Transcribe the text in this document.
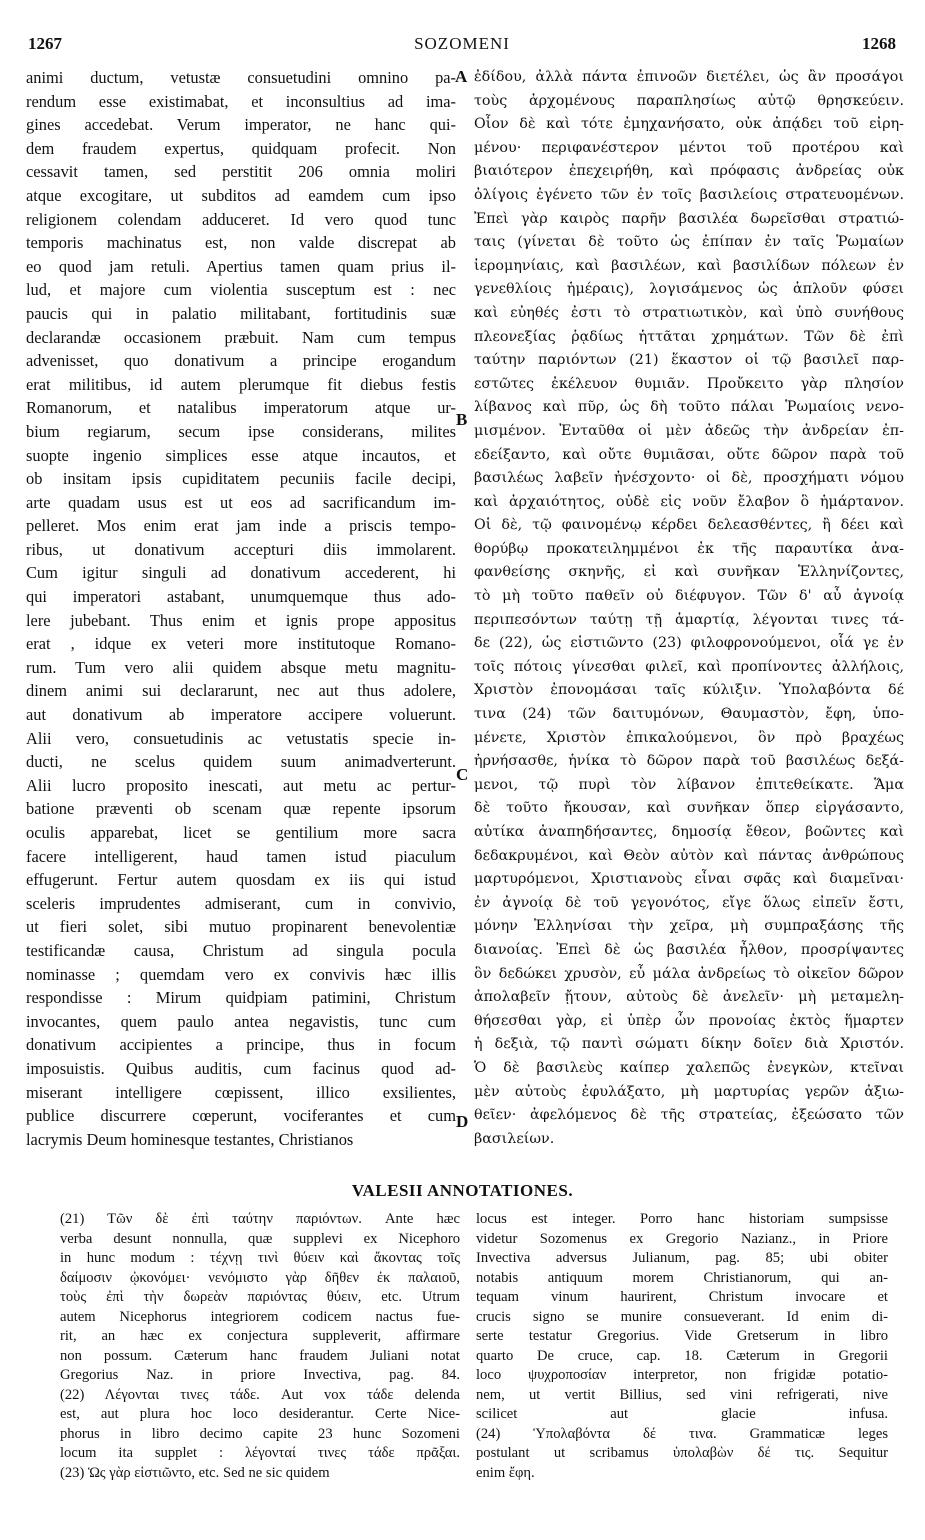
1267	SOZOMENI	1268
animi ductum, vetustæ consuetudini omnino pa-
rendum esse existimabat, et inconsultius ad ima-
gines accedebat. Verum imperator, ne hanc qui-
dem fraudem expertus, quidquam profecit. Non
cessavit tamen, sed perstitit 206 omnia moliri
atque excogitare, ut subditos ad eamdem cum ipso
religionem colendam adduceret. Id vero quod tunc
temporis machinatus est, non valde discrepat ab
eo quod jam retuli. Apertius tamen quam prius il-
lud, et majore cum violentia susceptum est : nec
paucis qui in palatio militabant, fortitudinis suæ
declarandæ occasionem præbuit. Nam cum tempus
advenisset, quo donativum a principe erogandum
erat militibus, id autem plerumque fit diebus festis
Romanorum, et natalibus imperatorum atque ur-
bium regiarum, secum ipse considerans, milites
suopte ingenio simplices esse atque incautos, et
ob insitam ipsis cupiditatem pecuniis facile decipi,
arte quadam usus est ut eos ad sacrificandum im-
pelleret. Mos enim erat jam inde a priscis tempo-
ribus, ut donativum accepturi diis immolarent.
Cum igitur singuli ad donativum accederent, hi
qui imperatori astabant, unumquemque thus ado-
lere jubebant. Thus enim et ignis prope appositus
erat , idque ex veteri more institutoque Romano-
rum. Tum vero alii quidem absque metu magnitu-
dinem animi sui declararunt, nec aut thus adolere,
aut donativum ab imperatore accipere voluerunt.
Alii vero, consuetudinis ac vetustatis specie in-
ducti, ne scelus quidem suum animadverterunt.
Alii lucro proposito inescati, aut metu ac pertur-
batione præventi ob scenam quæ repente ipsorum
oculis apparebat, licet se gentilium more sacra
facere intelligerent, haud tamen istud piaculum
effugerunt. Fertur autem quosdam ex iis qui istud
sceleris imprudentes admiserant, cum in convivio,
ut fieri solet, sibi mutuo propinarent benevolentiæ
testificandæ causa, Christum ad singula pocula
nominasse ; quemdam vero ex convivis hæc illis
respondisse : Mirum quidpiam patimini, Christum
invocantes, quem paulo antea negavistis, tunc cum
donativum accipientes a principe, thus in focum
imposuistis. Quibus auditis, cum facinus quod ad-
miserant intelligere cœpissent, illico exsilientes,
publice discurrere cœperunt, vociferantes et cum
lacrymis Deum hominesque testantes, Christianos
A
B
C
D
ἐδίδου, ἀλλὰ πάντα ἐπινοῶν διετέλει, ὡς ἂν προσάγοι
τοὺς ἀρχομένους παραπλησίως αὐτῷ θρησκεύειν.
Οἷον δὲ καὶ τότε ἐμηχανήσατο, οὐκ ἀπᾴδει τοῦ εἰρη-
μένου· περιφανέστερον μέντοι τοῦ προτέρου καὶ
βιαιότερον ἐπεχειρήθη, καὶ πρόφασις ἀνδρείας οὐκ
ὀλίγοις ἐγένετο τῶν ἐν τοῖς βασιλείοις στρατευομένων.
Ἐπεὶ γὰρ καιρὸς παρῆν βασιλέα δωρεῖσθαι στρατιώ-
ταις (γίνεται δὲ τοῦτο ὡς ἐπίπαν ἐν ταῖς Ῥωμαίων
ἱερομηνίαις, καὶ βασιλέων, καὶ βασιλίδων πόλεων ἐν
γενεθλίοις ἡμέραις), λογισάμενος ὡς ἁπλοῦν φύσει
καὶ εὐηθές ἐστι τὸ στρατιωτικὸν, καὶ ὑπὸ συνήθους
πλεονεξίας ῥᾳδίως ἡττᾶται χρημάτων. Τῶν δὲ ἐπὶ
ταύτην παριόντων (21) ἕκαστον οἱ τῷ βασιλεῖ παρ-
εστῶτες ἐκέλευον θυμιᾶν. Προὔκειτο γὰρ πλησίον
λίβανος καὶ πῦρ, ὡς δὴ τοῦτο πάλαι Ῥωμαίοις νενο-
μισμένον. Ἐνταῦθα οἱ μὲν ἀδεῶς τὴν ἀνδρείαν ἐπ-
εδείξαντο, καὶ οὔτε θυμιᾶσαι, οὔτε δῶρον παρὰ τοῦ
βασιλέως λαβεῖν ἠνέσχοντο· οἱ δὲ, προσχήματι νόμου
καὶ ἀρχαιότητος, οὐδὲ εἰς νοῦν ἔλαβον ὃ ἡμάρτανον.
Οἱ δὲ, τῷ φαινομένῳ κέρδει δελεασθέντες, ἢ δέει καὶ
θορύβῳ προκατειλημμένοι ἐκ τῆς παραυτίκα ἀνα-
φανθείσης σκηνῆς, εἰ καὶ συνῆκαν Ἑλληνίζοντες,
τὸ μὴ τοῦτο παθεῖν οὐ διέφυγον. Τῶν δ' αὖ ἀγνοίᾳ
περιπεσόντων ταύτῃ τῇ ἁμαρτίᾳ, λέγονται τινες τά-
δε (22), ὡς εἱστιῶντο (23) φιλοφρονούμενοι, οἷά γε ἐν
τοῖς πότοις γίνεσθαι φιλεῖ, καὶ προπίνοντες ἀλλήλοις,
Χριστὸν ἐπονομάσαι ταῖς κύλιξιν. Ὑπολαβόντα δέ
τινα (24) τῶν δαιτυμόνων, Θαυμαστὸν, ἔφη, ὑπο-
μένετε, Χριστὸν ἐπικαλούμενοι, ὃν πρὸ βραχέως
ἠρνήσασθε, ἡνίκα τὸ δῶρον παρὰ τοῦ βασιλέως δεξά-
μενοι, τῷ πυρὶ τὸν λίβανον ἐπιτεθείκατε. Ἅμα
δὲ τοῦτο ἤκουσαν, καὶ συνῆκαν ὅπερ εἰργάσαντο,
αὐτίκα ἀναπηδήσαντες, δημοσίᾳ ἔθεον, βοῶντες καὶ
δεδακρυμένοι, καὶ Θεὸν αὐτὸν καὶ πάντας ἀνθρώπους
μαρτυρόμενοι, Χριστιανοὺς εἶναι σφᾶς καὶ διαμεῖναι·
ἐν ἀγνοίᾳ δὲ τοῦ γεγονότος, εἴγε ὅλως εἰπεῖν ἔστι,
μόνην Ἑλληνίσαι τὴν χεῖρα, μὴ συμπραξάσης τῆς
διανοίας. Ἐπεὶ δὲ ὡς βασιλέα ἦλθον, προσρίψαντες
ὃν δεδώκει χρυσὸν, εὖ μάλα ἀνδρείως τὸ οἰκεῖον δῶρον
ἀπολαβεῖν ᾔτουν, αὐτοὺς δὲ ἀνελεῖν· μὴ μεταμελη-
θήσεσθαι γὰρ, εἰ ὑπὲρ ὧν προνοίας ἐκτὸς ἥμαρτεν
ἡ δεξιὰ, τῷ παντὶ σώματι δίκην δοῖεν διὰ Χριστόν.
Ὁ δὲ βασιλεὺς καίπερ χαλεπῶς ἐνεγκὼν, κτεῖναι
μὲν αὐτοὺς ἐφυλάξατο, μὴ μαρτυρίας γερῶν ἀξιω-
θεῖεν· ἀφελόμενος δὲ τῆς στρατείας, ἐξεώσατο τῶν
βασιλείων.
VALESII ANNOTATIONES.
(21) Τῶν δὲ ἐπὶ ταύτην παριόντων. Ante hæc
verba desunt nonnulla, quæ supplevi ex Nicephoro
in hunc modum : τέχνῃ τινὶ θύειν καὶ ἄκοντας τοῖς
δαίμοσιν ᾠκονόμει· νενόμιστο γὰρ δῆθεν ἐκ παλαιοῦ,
τοὺς ἐπὶ τὴν δωρεὰν παριόντας θύειν, etc. Utrum
autem Nicephorus integriorem codicem nactus fue-
rit, an hæc ex conjectura suppleverit, affirmare
non possum. Cæterum hanc fraudem Juliani notat
Gregorius Naz. in priore Invectiva, pag. 84.
(22) Λέγονται τινες τάδε. Aut voх τάδε delenda
est, aut plura hoc loco desiderantur. Certe Nice-
phorus in libro decimo capite 23 hunc Sozomeni
locum ita supplet : λέγονταί τινες τάδε πρᾶξαι.
(23) Ὡς γὰρ εἱστιῶντο, etc. Sed ne sic quidem
locus est integer. Porro hanc historiam sumpsisse
videtur Sozomenus ex Gregorio Nazianz., in Priore
Invectiva adversus Julianum, pag. 85; ubi obiter
notabis antiquum morem Christianorum, qui an-
tequam vinum haurirent, Christum invocare et
crucis signo se munire consueverant. Id enim di-
serte testatur Gregorius. Vide Gretserum in libro
quarto De cruce, cap. 18. Cæterum in Gregorii
loco ψυχροποσίαν interpretor, non frigidæ potatio-
nem, ut vertit Billius, sed vini refrigerati, nive
scilicet aut glacie infusa.
(24) Ὑπολαβόντα δέ τινα. Grammaticæ leges
postulant ut scribamus ὑπολαβὼν δέ τις. Sequitur
enim ἔφη.
